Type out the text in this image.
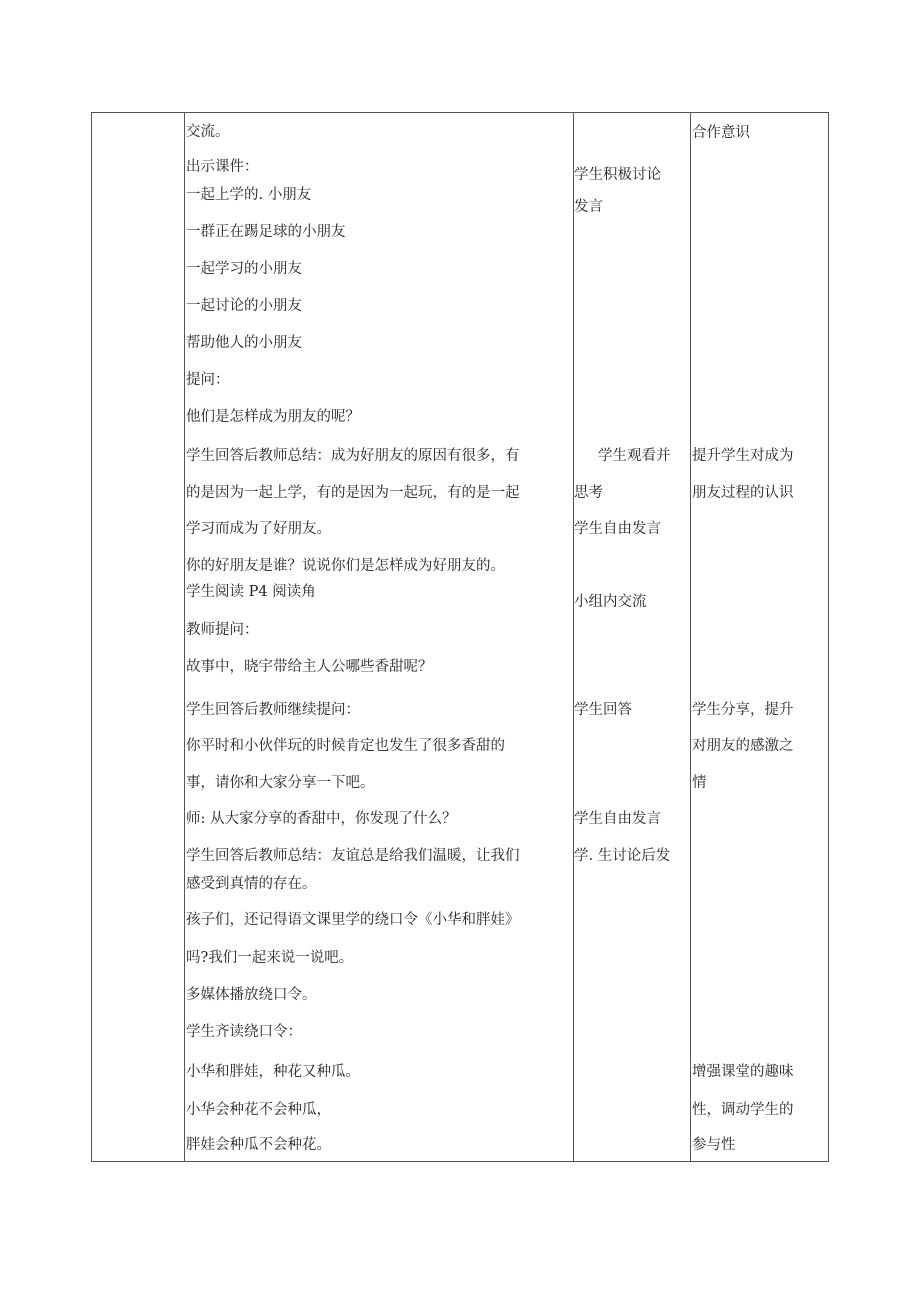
交流。
出示课件：
一起上学的. 小朋友
一群正在踢足球的小朋友
一起学习的小朋友
一起讨论的小朋友
帮助他人的小朋友
提问：
他们是怎样成为朋友的呢？
学生回答后教师总结：成为好朋友的原因有很多，有
的是因为一起上学，有的是因为一起玩，有的是一起
学习而成为了好朋友。
你的好朋友是谁？说说你们是怎样成为好朋友的。
学生阅读 P4 阅读角
教师提问：
故事中，晓宇带给主人公哪些香甜呢？
学生回答后教师继续提问：
你平时和小伙伴玩的时候肯定也发生了很多香甜的
事，请你和大家分享一下吧。
师: 从大家分享的香甜中，你发现了什么？
学生回答后教师总结：友谊总是给我们温暖，让我们
感受到真情的存在。
孩子们，还记得语文课里学的绕口令《小华和胖娃》
吗?我们一起来说一说吧。
多媒体播放绕口令。
学生齐读绕口令：
小华和胖娃，种花又种瓜。
小华会种花不会种瓜，
胖娃会种瓜不会种花。
学生积极讨论
发言
学生观看并
思考
学生自由发言
小组内交流
学生回答
学生自由发言
学. 生讨论后发
合作意识
提升学生对成为
朋友过程的认识
学生分享，提升
对朋友的感激之
情
增强课堂的趣味
性，调动学生的
参与性
